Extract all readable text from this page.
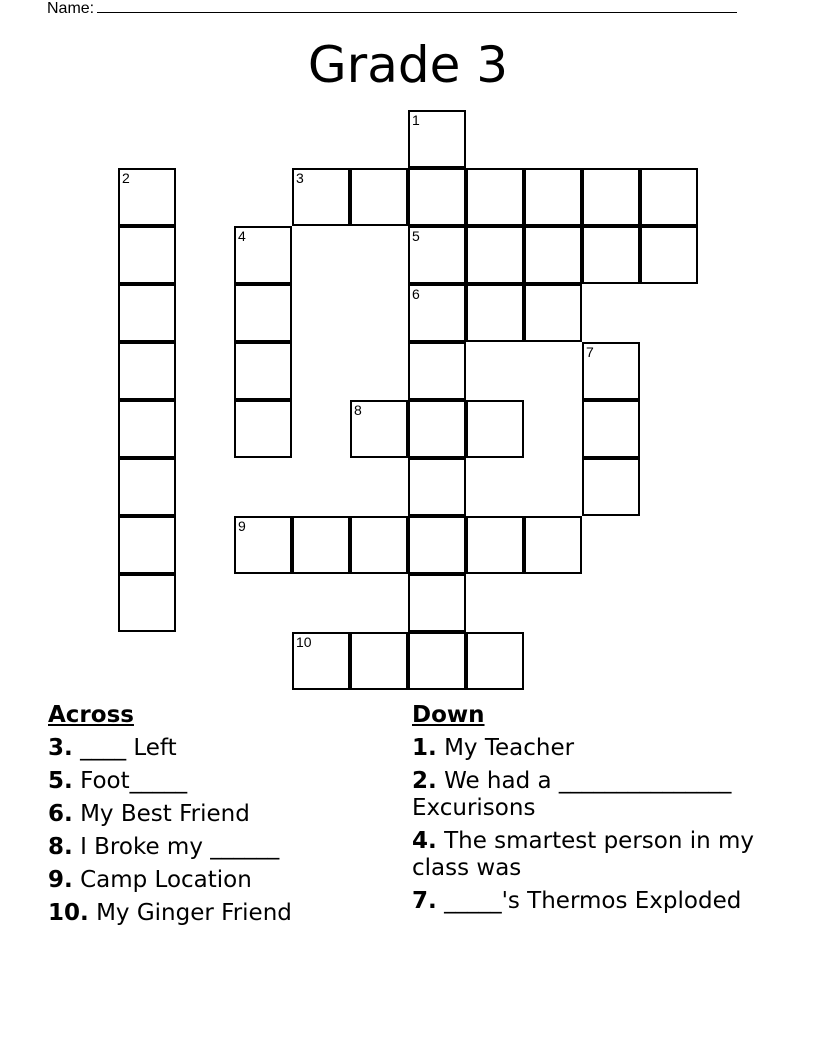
Name:
Grade 3
1
2	3
4	5
6
7
8
9
10
Across
3. ____ Left
5. Foot_____
6. My Best Friend
8. I Broke my ______
9. Camp Location
10. My Ginger Friend
Down
1. My Teacher
2. We had a _______________ Excurisons
4. The smartest person in my class was
7. _____'s Thermos Exploded
